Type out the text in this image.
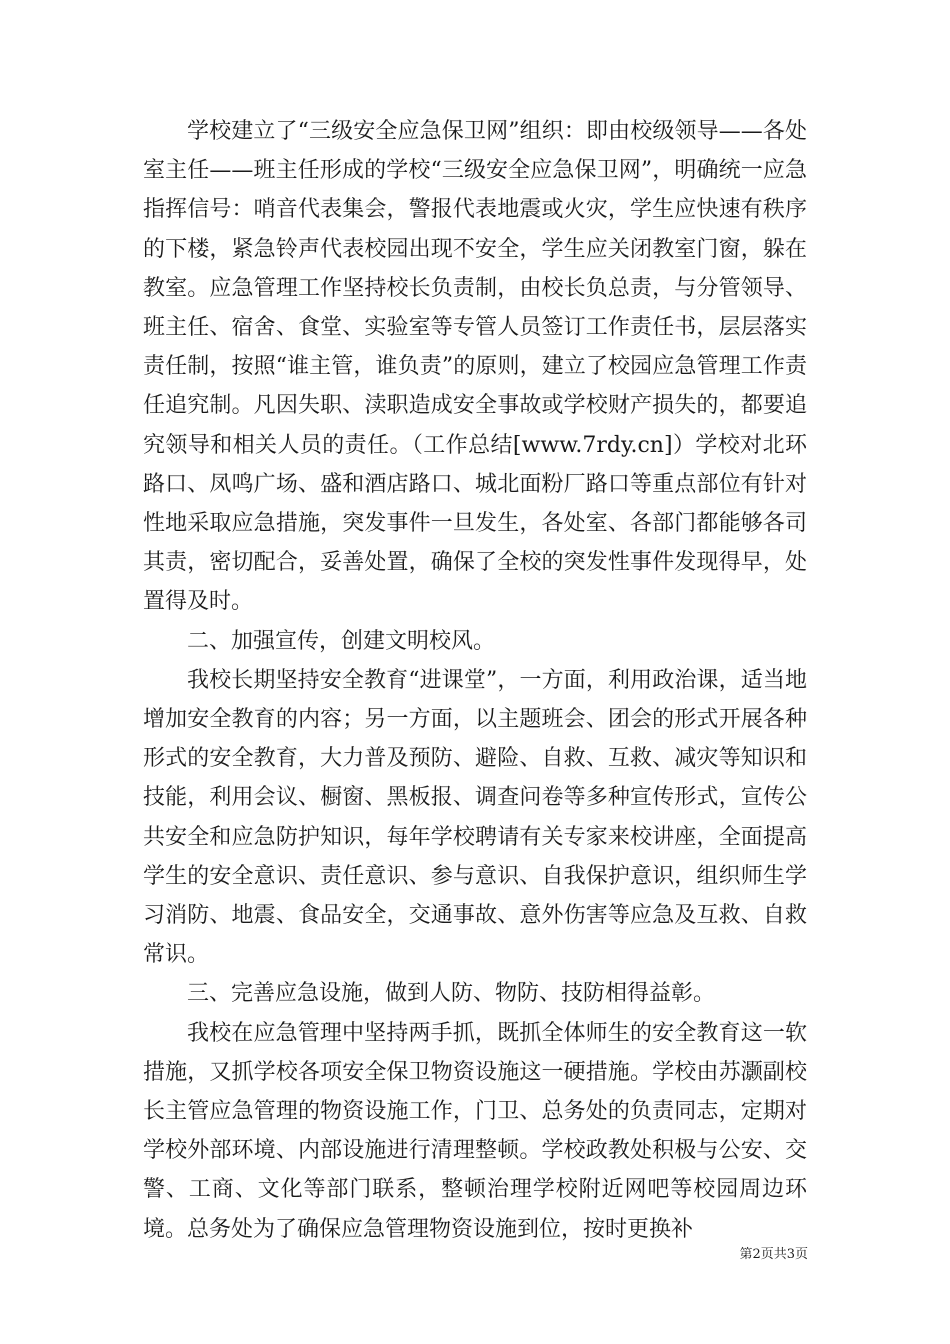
学校建立了“三级安全应急保卫网”组织：即由校级领导——各处室主任——班主任形成的学校“三级安全应急保卫网”，明确统一应急指挥信号：哨音代表集会，警报代表地震或火灾，学生应快速有秩序的下楼，紧急铃声代表校园出现不安全，学生应关闭教室门窗，躲在教室。应急管理工作坚持校长负责制，由校长负总责，与分管领导、班主任、宿舍、食堂、实验室等专管人员签订工作责任书，层层落实责任制，按照“谁主管，谁负责”的原则，建立了校园应急管理工作责任追究制。凡因失职、渎职造成安全事故或学校财产损失的，都要追究领导和相关人员的责任。（工作总结[www.7rdy.cn]）学校对北环路口、凤鸣广场、盛和酒店路口、城北面粉厂路口等重点部位有针对性地采取应急措施，突发事件一旦发生，各处室、各部门都能够各司其责，密切配合，妥善处置，确保了全校的突发性事件发现得早，处置得及时。

二、加强宣传，创建文明校风。

我校长期坚持安全教育“进课堂”，一方面，利用政治课，适当地增加安全教育的内容；另一方面，以主题班会、团会的形式开展各种形式的安全教育，大力普及预防、避险、自救、互救、减灾等知识和技能，利用会议、橱窗、黑板报、调查问卷等多种宣传形式，宣传公共安全和应急防护知识，每年学校聘请有关专家来校讲座，全面提高学生的安全意识、责任意识、参与意识、自我保护意识，组织师生学习消防、地震、食品安全，交通事故、意外伤害等应急及互救、自救常识。

三、完善应急设施，做到人防、物防、技防相得益彰。

我校在应急管理中坚持两手抓，既抓全体师生的安全教育这一软措施，又抓学校各项安全保卫物资设施这一硬措施。学校由苏灏副校长主管应急管理的物资设施工作，门卫、总务处的负责同志，定期对学校外部环境、内部设施进行清理整顿。学校政教处积极与公安、交警、工商、文化等部门联系，整顿治理学校附近网吧等校园周边环境。总务处为了确保应急管理物资设施到位，按时更换补

第2页共3页
